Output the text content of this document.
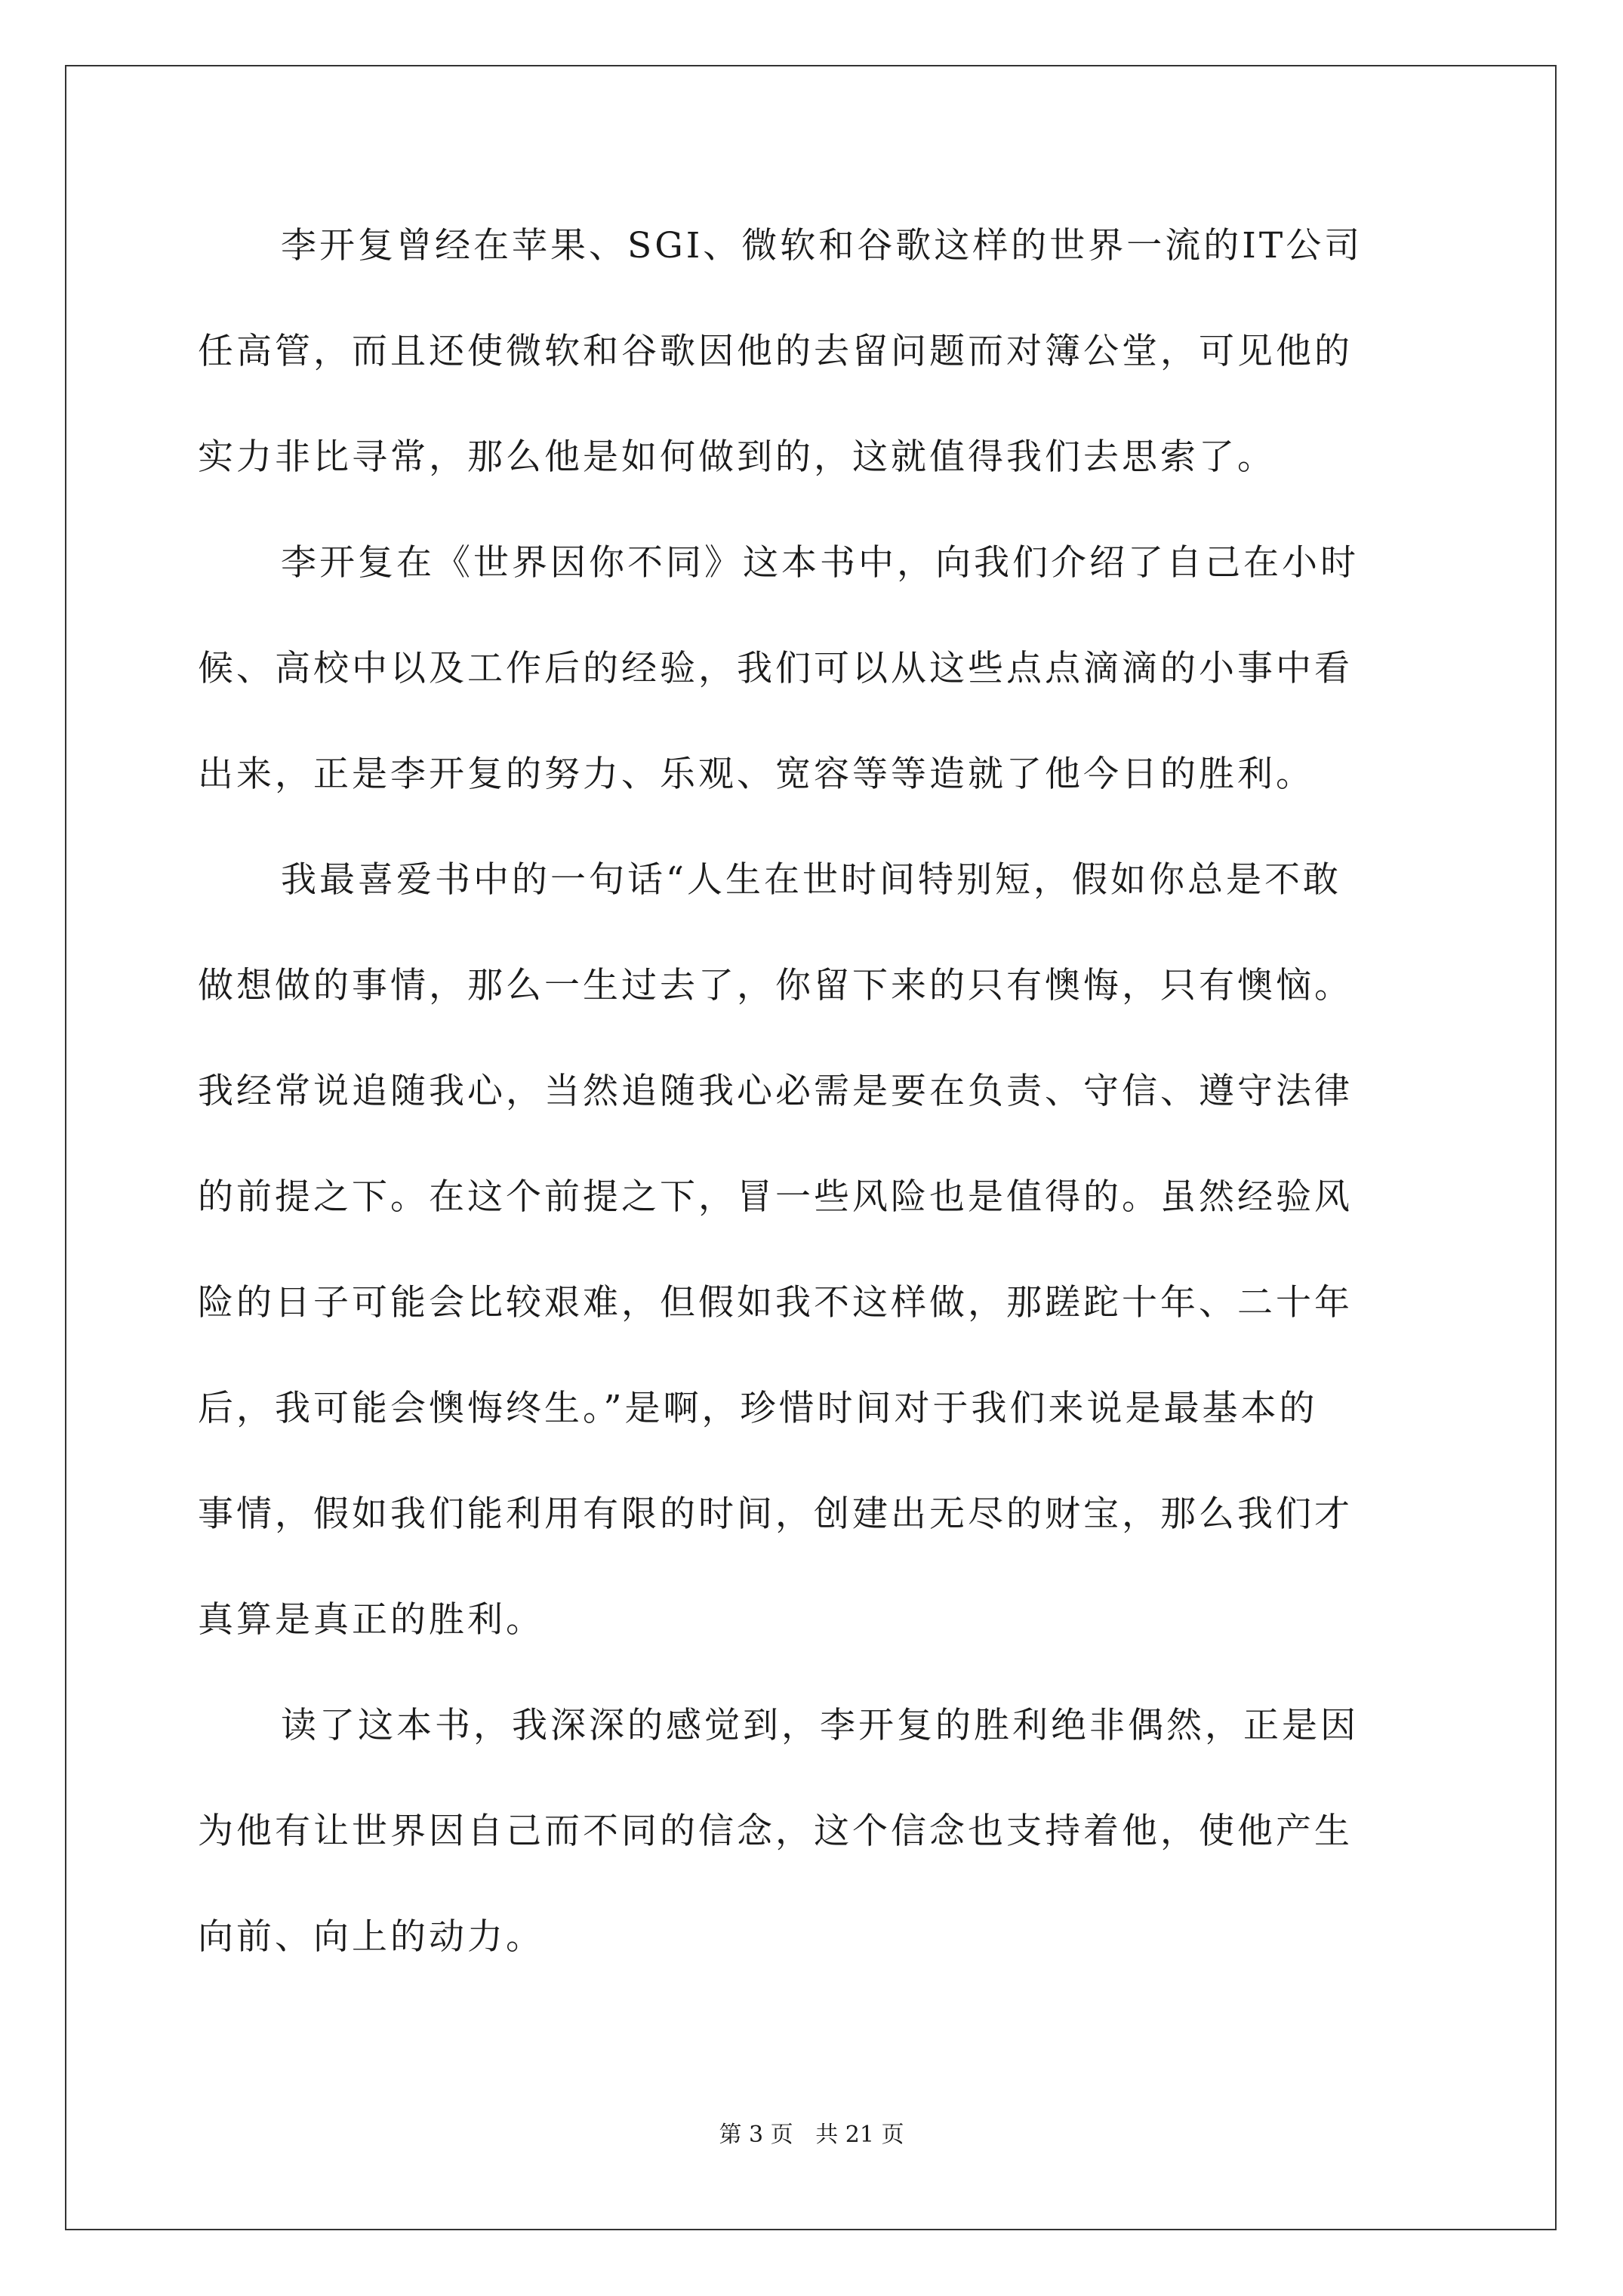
李开复曾经在苹果、SGI、微软和谷歌这样的世界一流的IT公司
任高管，而且还使微软和谷歌因他的去留问题而对簿公堂，可见他的
实力非比寻常，那么他是如何做到的，这就值得我们去思索了。
李开复在《世界因你不同》这本书中，向我们介绍了自己在小时
候、高校中以及工作后的经验，我们可以从这些点点滴滴的小事中看
出来，正是李开复的努力、乐观、宽容等等造就了他今日的胜利。
我最喜爱书中的一句话“人生在世时间特别短，假如你总是不敢
做想做的事情，那么一生过去了，你留下来的只有懊悔，只有懊恼。
我经常说追随我心，当然追随我心必需是要在负责、守信、遵守法律
的前提之下。在这个前提之下，冒一些风险也是值得的。虽然经验风
险的日子可能会比较艰难，但假如我不这样做，那蹉跎十年、二十年
后，我可能会懊悔终生。”是啊，珍惜时间对于我们来说是最基本的
事情，假如我们能利用有限的时间，创建出无尽的财宝，那么我们才
真算是真正的胜利。
读了这本书，我深深的感觉到，李开复的胜利绝非偶然，正是因
为他有让世界因自己而不同的信念，这个信念也支持着他，使他产生
向前、向上的动力。
第 3 页 共 21 页
